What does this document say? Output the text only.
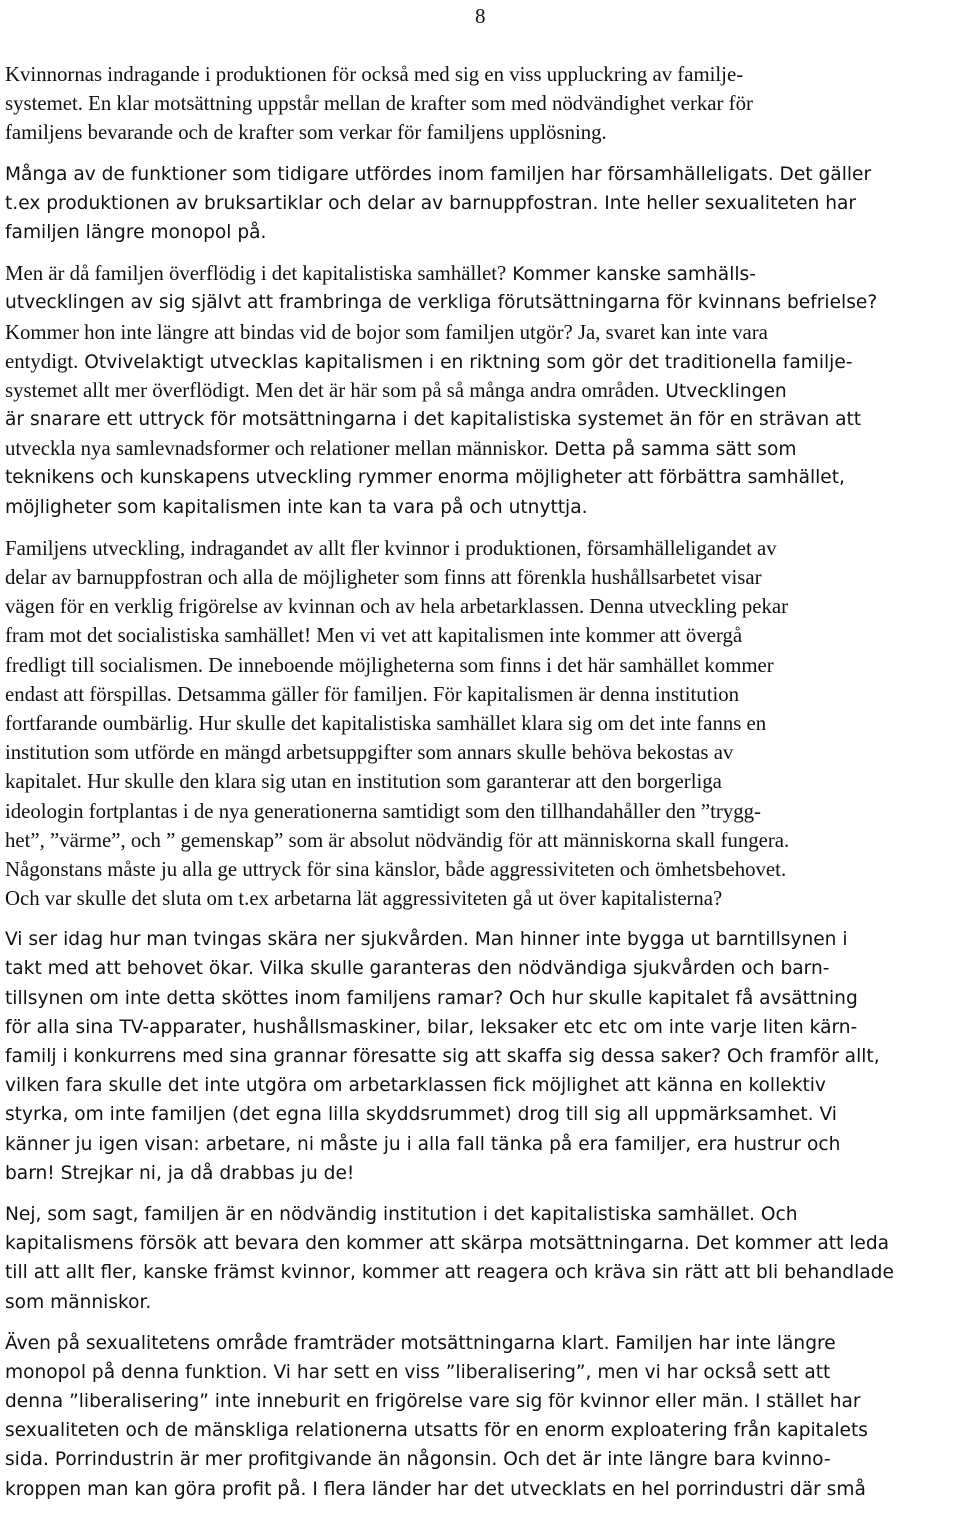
8
Kvinnornas indragande i produktionen för också med sig en viss uppluckring av familje-
systemet. En klar motsättning uppstår mellan de krafter som med nödvändighet verkar för
familjens bevarande och de krafter som verkar för familjens upplösning.
Många av de funktioner som tidigare utfördes inom familjen har församhälleligats. Det gäller
t.ex produktionen av bruksartiklar och delar av barnuppfostran. Inte heller sexualiteten har
familjen längre monopol på.
Men är då familjen överflödig i det kapitalistiska samhället? Kommer kanske samhälls-
utvecklingen av sig självt att frambringa de verkliga förutsättningarna för kvinnans befrielse?
Kommer hon inte längre att bindas vid de bojor som familjen utgör? Ja, svaret kan inte vara
entydigt. Otvivelaktigt utvecklas kapitalismen i en riktning som gör det traditionella familje-
systemet allt mer överflödigt. Men det är här som på så många andra områden. Utvecklingen
är snarare ett uttryck för motsättningarna i det kapitalistiska systemet än för en strävan att
utveckla nya samlevnadsformer och relationer mellan människor. Detta på samma sätt som
teknikens och kunskapens utveckling rymmer enorma möjligheter att förbättra samhället,
möjligheter som kapitalismen inte kan ta vara på och utnyttja.
Familjens utveckling, indragandet av allt fler kvinnor i produktionen, församhälleligandet av
delar av barnuppfostran och alla de möjligheter som finns att förenkla hushållsarbetet visar
vägen för en verklig frigörelse av kvinnan och av hela arbetarklassen. Denna utveckling pekar
fram mot det socialistiska samhället! Men vi vet att kapitalismen inte kommer att övergå
fredligt till socialismen. De inneboende möjligheterna som finns i det här samhället kommer
endast att förspillas. Detsamma gäller för familjen. För kapitalismen är denna institution
fortfarande oumbärlig. Hur skulle det kapitalistiska samhället klara sig om det inte fanns en
institution som utförde en mängd arbetsuppgifter som annars skulle behöva bekostas av
kapitalet. Hur skulle den klara sig utan en institution som garanterar att den borgerliga
ideologin fortplantas i de nya generationerna samtidigt som den tillhandahåller den ”trygg-
het”, ”värme”, och ” gemenskap” som är absolut nödvändig för att människorna skall fungera.
Någonstans måste ju alla ge uttryck för sina känslor, både aggressiviteten och ömhetsbehovet.
Och var skulle det sluta om t.ex arbetarna lät aggressiviteten gå ut över kapitalisterna?
Vi ser idag hur man tvingas skära ner sjukvården. Man hinner inte bygga ut barntillsynen i
takt med att behovet ökar. Vilka skulle garanteras den nödvändiga sjukvården och barn-
tillsynen om inte detta sköttes inom familjens ramar? Och hur skulle kapitalet få avsättning
för alla sina TV-apparater, hushållsmaskiner, bilar, leksaker etc etc om inte varje liten kärn-
familj i konkurrens med sina grannar föresatte sig att skaffa sig dessa saker? Och framför allt,
vilken fara skulle det inte utgöra om arbetarklassen fick möjlighet att känna en kollektiv
styrka, om inte familjen (det egna lilla skyddsrummet) drog till sig all uppmärksamhet. Vi
känner ju igen visan: arbetare, ni måste ju i alla fall tänka på era familjer, era hustrur och
barn! Strejkar ni, ja då drabbas ju de!
Nej, som sagt, familjen är en nödvändig institution i det kapitalistiska samhället. Och
kapitalismens försök att bevara den kommer att skärpa motsättningarna. Det kommer att leda
till att allt fler, kanske främst kvinnor, kommer att reagera och kräva sin rätt att bli behandlade
som människor.
Även på sexualitetens område framträder motsättningarna klart. Familjen har inte längre
monopol på denna funktion. Vi har sett en viss ”liberalisering”, men vi har också sett att
denna ”liberalisering” inte inneburit en frigörelse vare sig för kvinnor eller män. I stället har
sexualiteten och de mänskliga relationerna utsatts för en enorm exploatering från kapitalets
sida. Porrindustrin är mer profitgivande än någonsin. Och det är inte längre bara kvinno-
kroppen man kan göra profit på. I flera länder har det utvecklats en hel porrindustri där små
